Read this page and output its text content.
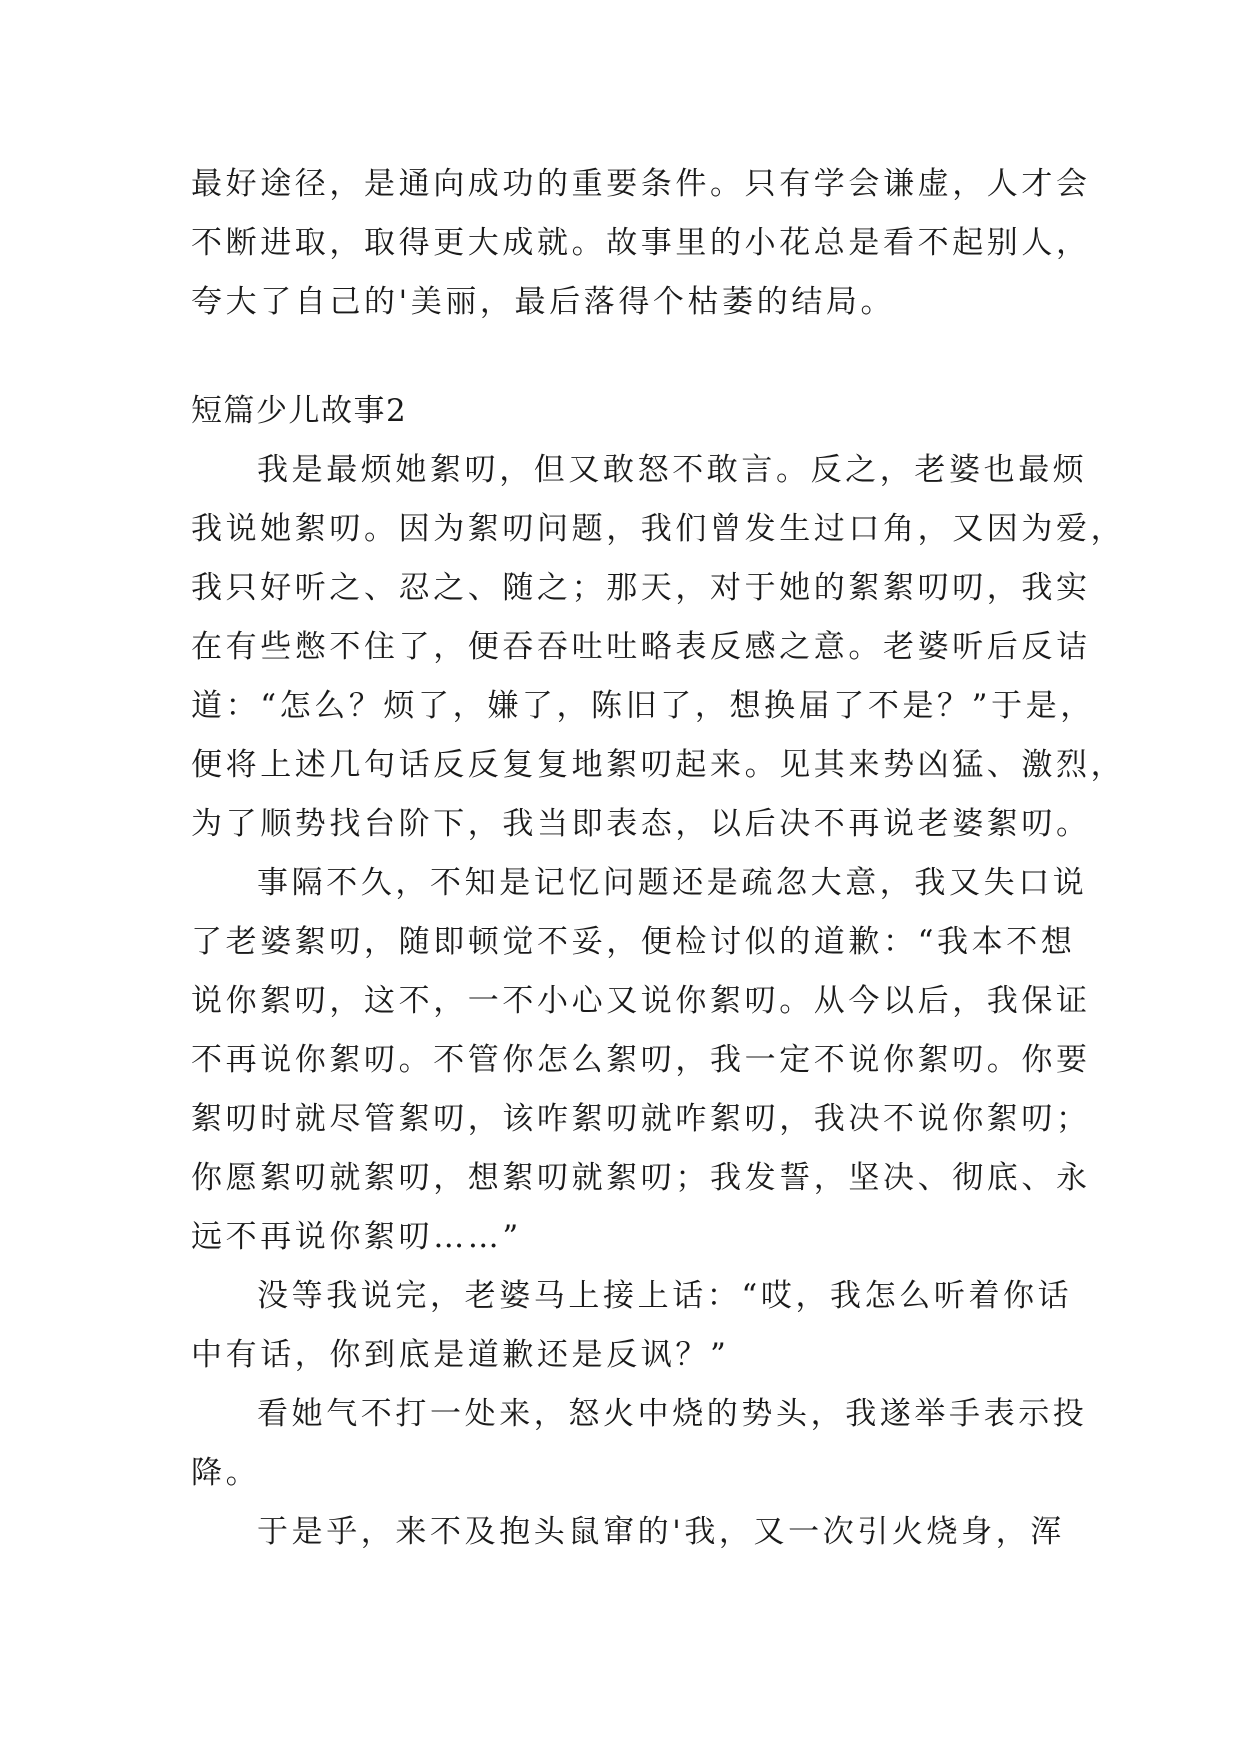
最好途径，是通向成功的重要条件。只有学会谦虚，人才会
不断进取，取得更大成就。故事里的小花总是看不起别人，
夸大了自己的'美丽，最后落得个枯萎的结局。
短篇少儿故事2
我是最烦她絮叨，但又敢怒不敢言。反之，老婆也最烦
我说她絮叨。因为絮叨问题，我们曾发生过口角，又因为爱，
我只好听之、忍之、随之；那天，对于她的絮絮叨叨，我实
在有些憋不住了，便吞吞吐吐略表反感之意。老婆听后反诘
道：“怎么？烦了，嫌了，陈旧了，想换届了不是？”于是，
便将上述几句话反反复复地絮叨起来。见其来势凶猛、激烈，
为了顺势找台阶下，我当即表态，以后决不再说老婆絮叨。
事隔不久，不知是记忆问题还是疏忽大意，我又失口说
了老婆絮叨，随即顿觉不妥，便检讨似的道歉：“我本不想
说你絮叨，这不，一不小心又说你絮叨。从今以后，我保证
不再说你絮叨。不管你怎么絮叨，我一定不说你絮叨。你要
絮叨时就尽管絮叨，该咋絮叨就咋絮叨，我决不说你絮叨；
你愿絮叨就絮叨，想絮叨就絮叨；我发誓，坚决、彻底、永
远不再说你絮叨……”
没等我说完，老婆马上接上话：“哎，我怎么听着你话
中有话，你到底是道歉还是反讽？”
看她气不打一处来，怒火中烧的势头，我遂举手表示投
降。
于是乎，来不及抱头鼠窜的'我，又一次引火烧身，浑
